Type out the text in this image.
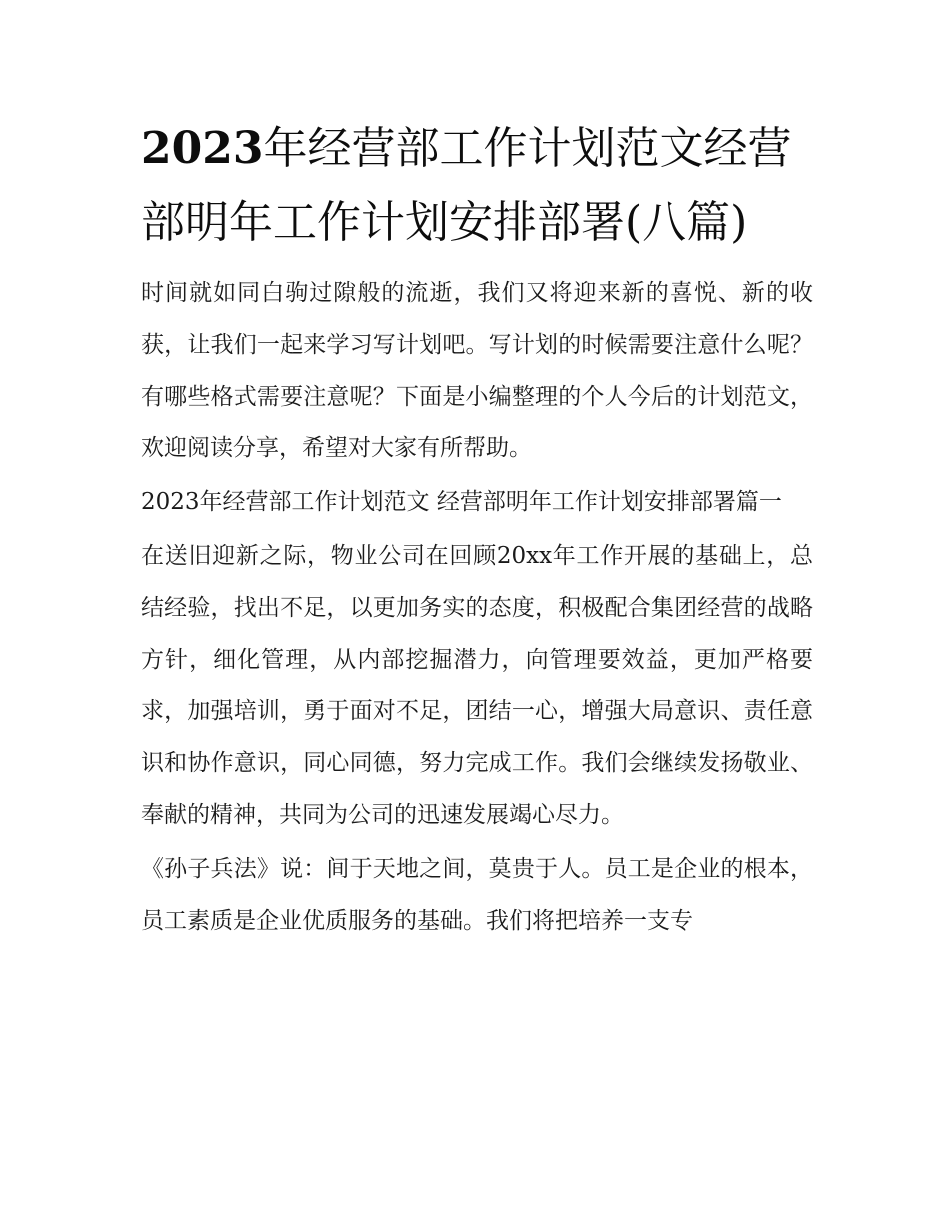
2023年经营部工作计划范文经营部明年工作计划安排部署(八篇)

时间就如同白驹过隙般的流逝，我们又将迎来新的喜悦、新的收获，让我们一起来学习写计划吧。写计划的时候需要注意什么呢？有哪些格式需要注意呢？下面是小编整理的个人今后的计划范文，欢迎阅读分享，希望对大家有所帮助。

2023年经营部工作计划范文 经营部明年工作计划安排部署篇一

在送旧迎新之际，物业公司在回顾20xx年工作开展的基础上，总结经验，找出不足，以更加务实的态度，积极配合集团经营的战略方针，细化管理，从内部挖掘潜力，向管理要效益，更加严格要求，加强培训，勇于面对不足，团结一心，增强大局意识、责任意识和协作意识，同心同德，努力完成工作。我们会继续发扬敬业、奉献的精神，共同为公司的迅速发展竭心尽力。

《孙子兵法》说：间于天地之间，莫贵于人。员工是企业的根本，员工素质是企业优质服务的基础。我们将把培养一支专
